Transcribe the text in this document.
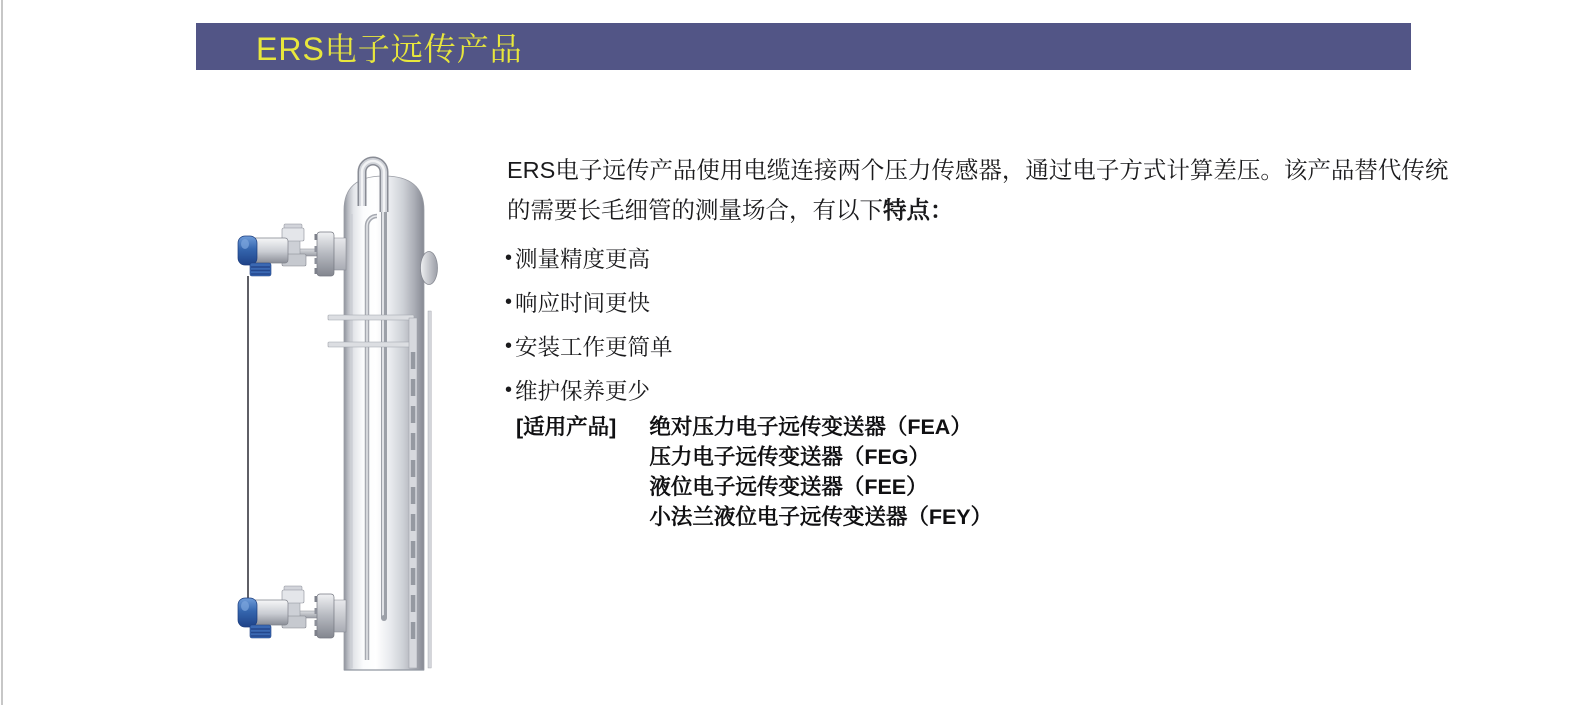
ERS电子远传产品
ERS电子远传产品使用电缆连接两个压力传感器，通过电子方式计算差压。该产品替代传统
的需要长毛细管的测量场合，有以下特点：
• 测量精度更高
• 响应时间更快
• 安装工作更简单
• 维护保养更少
[适用产品] 绝对压力电子远传变送器（FEA）
压力电子远传变送器（FEG）
液位电子远传变送器（FEE）
小法兰液位电子远传变送器（FEY）
